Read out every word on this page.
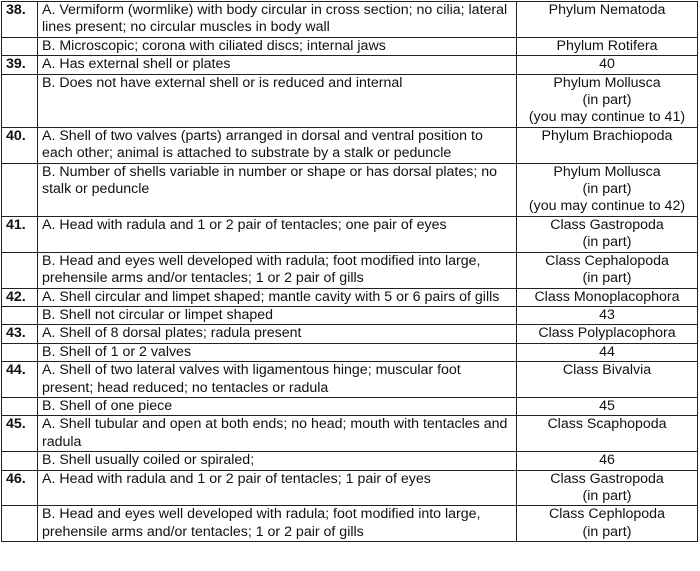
38.	A. Vermiform (wormlike) with body circular in cross section; no cilia; lateral lines present; no circular muscles in body wall	Phylum Nematoda

	B. Microscopic; corona with ciliated discs; internal jaws	Phylum Rotifera

39.	A. Has external shell or plates	40

	B. Does not have external shell or is reduced and internal	Phylum Mollusca
(in part)
(you may continue to 41)

40.	A. Shell of two valves (parts) arranged in dorsal and ventral position to each other; animal is attached to substrate by a stalk or peduncle	Phylum Brachiopoda

	B. Number of shells variable in number or shape or has dorsal plates; no stalk or peduncle	Phylum Mollusca
(in part)
(you may continue to 42)

41.	A. Head with radula and 1 or 2 pair of tentacles; one pair of eyes	Class Gastropoda
(in part)

	B. Head and eyes well developed with radula; foot modified into large, prehensile arms and/or tentacles; 1 or 2 pair of gills	Class Cephalopoda
(in part)

42.	A. Shell circular and limpet shaped; mantle cavity with 5 or 6 pairs of gills	Class Monoplacophora

	B. Shell not circular or limpet shaped	43

43.	A. Shell of 8 dorsal plates; radula present	Class Polyplacophora

	B. Shell of 1 or 2 valves	44

44.	A. Shell of two lateral valves with ligamentous hinge; muscular foot present; head reduced; no tentacles or radula	Class Bivalvia

	B. Shell of one piece	45

45.	A. Shell tubular and open at both ends; no head; mouth with tentacles and radula	Class Scaphopoda

	B. Shell usually coiled or spiraled;	46

46.	A. Head with radula and 1 or 2 pair of tentacles; 1 pair of eyes	Class Gastropoda
(in part)

	B. Head and eyes well developed with radula; foot modified into large, prehensile arms and/or tentacles; 1 or 2 pair of gills	Class Cephlopoda
(in part)
